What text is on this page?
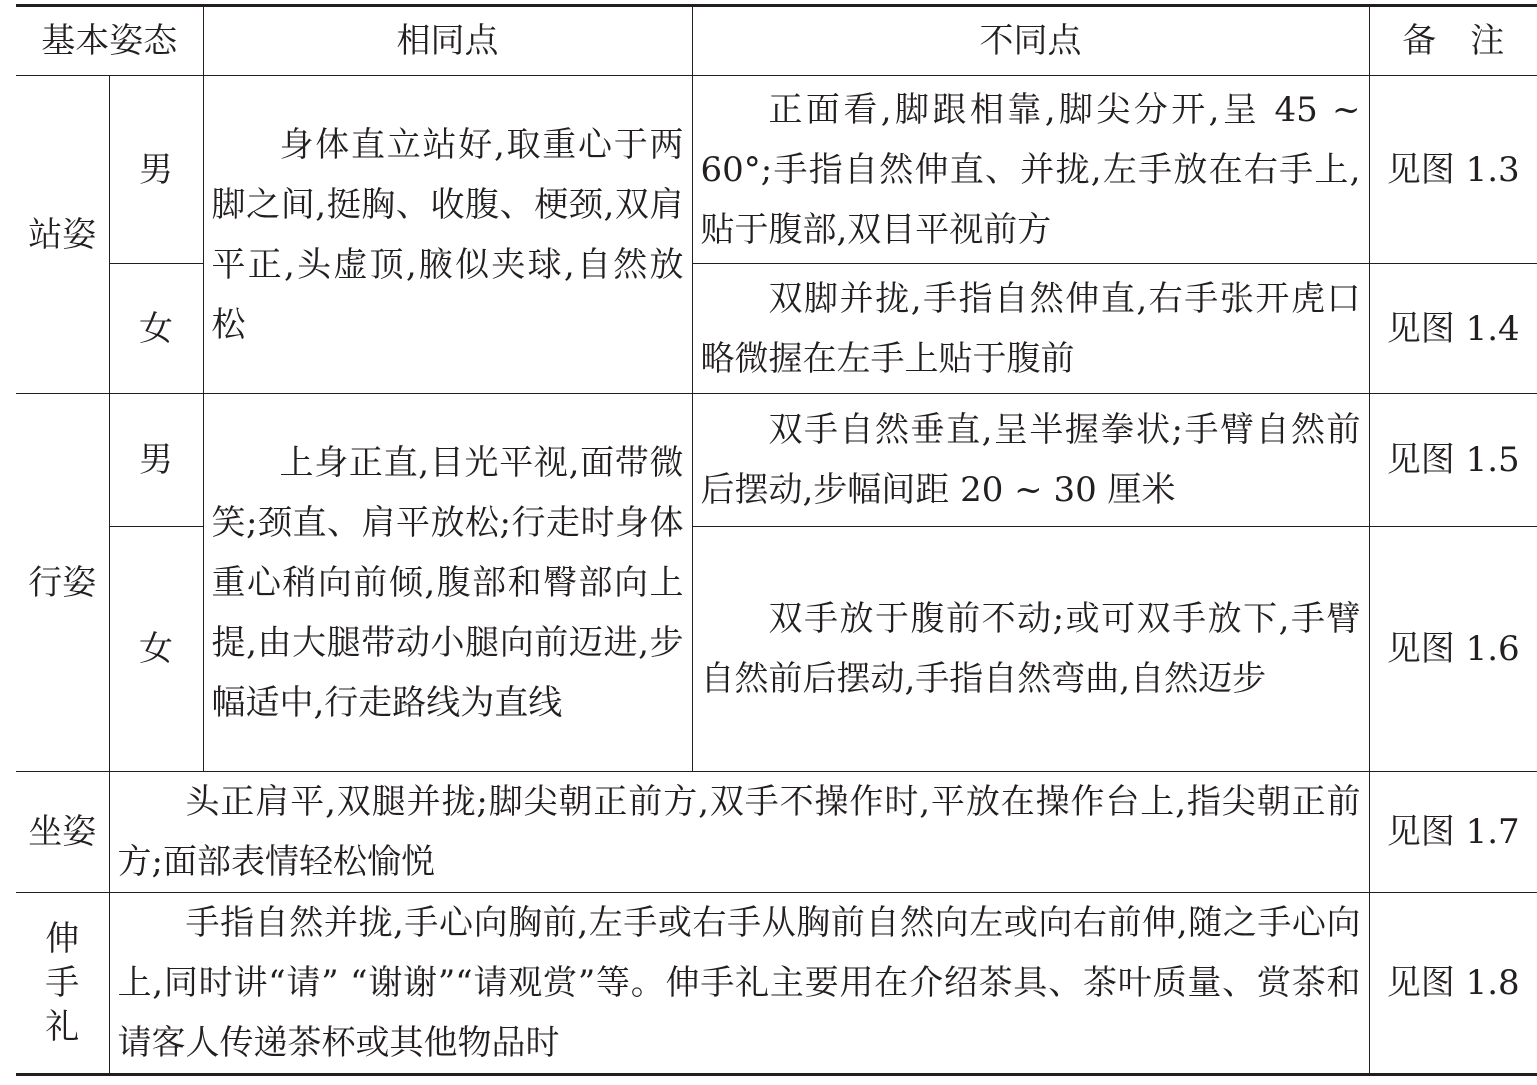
基本姿态		相同点	不同点	备　注
站姿	男	身体直立站好,取重心于两脚之间,挺胸、收腹、梗颈,双肩平正,头虚顶,腋似夹球,自然放松	正面看,脚跟相靠,脚尖分开,呈 45 ~ 60°;手指自然伸直、并拢,左手放在右手上,贴于腹部,双目平视前方	见图 1.3
	女		双脚并拢,手指自然伸直,右手张开虎口略微握在左手上贴于腹前	见图 1.4
行姿	男	上身正直,目光平视,面带微笑;颈直、肩平放松;行走时身体重心稍向前倾,腹部和臀部向上提,由大腿带动小腿向前迈进,步幅适中,行走路线为直线	双手自然垂直,呈半握拳状;手臂自然前后摆动,步幅间距 20 ~ 30 厘米	见图 1.5
	女		双手放于腹前不动;或可双手放下,手臂自然前后摆动,手指自然弯曲,自然迈步	见图 1.6
坐姿	头正肩平,双腿并拢;脚尖朝正前方,双手不操作时,平放在操作台上,指尖朝正前方;面部表情轻松愉悦			见图 1.7

伸手礼	手指自然并拢,手心向胸前,左手或右手从胸前自然向左或向右前伸,随之手心向上,同时讲“请” “谢谢”“请观赏”等。伸手礼主要用在介绍茶具、茶叶质量、赏茶和请客人传递茶杯或其他物品时			见图 1.8
